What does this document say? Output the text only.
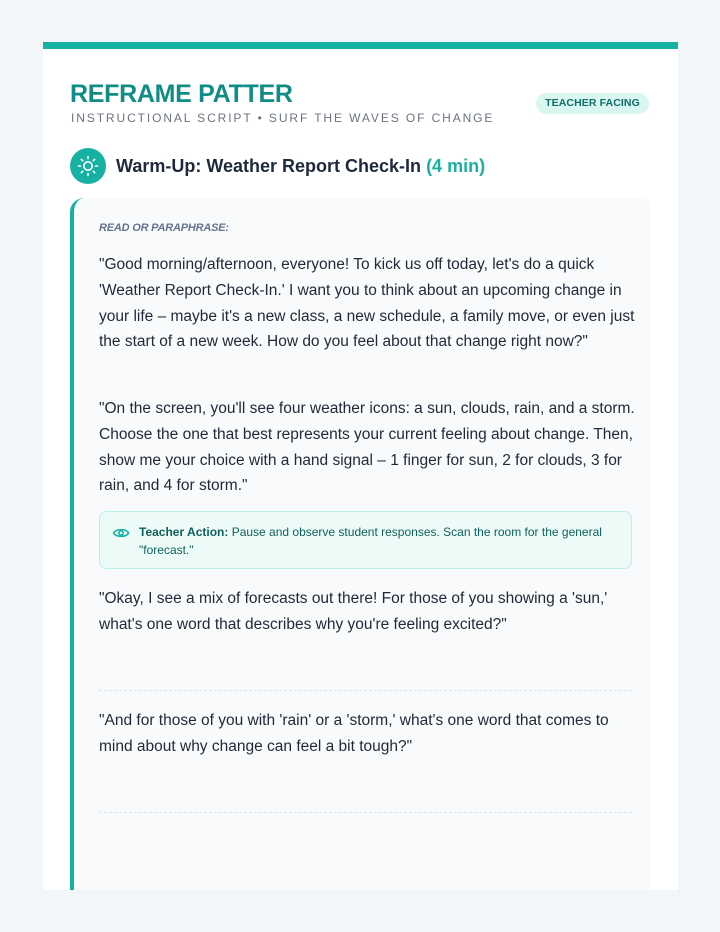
REFRAME PATTER
INSTRUCTIONAL SCRIPT • SURF THE WAVES OF CHANGE
TEACHER FACING
Warm-Up: Weather Report Check-In (4 min)
READ OR PARAPHRASE:
"Good morning/afternoon, everyone! To kick us off today, let's do a quick 'Weather Report Check-In.' I want you to think about an upcoming change in your life – maybe it's a new class, a new schedule, a family move, or even just the start of a new week. How do you feel about that change right now?"
"On the screen, you'll see four weather icons: a sun, clouds, rain, and a storm. Choose the one that best represents your current feeling about change. Then, show me your choice with a hand signal – 1 finger for sun, 2 for clouds, 3 for rain, and 4 for storm."
Teacher Action: Pause and observe student responses. Scan the room for the general "forecast."
"Okay, I see a mix of forecasts out there! For those of you showing a 'sun,' what's one word that describes why you're feeling excited?"
"And for those of you with 'rain' or a 'storm,' what's one word that comes to mind about why change can feel a bit tough?"
